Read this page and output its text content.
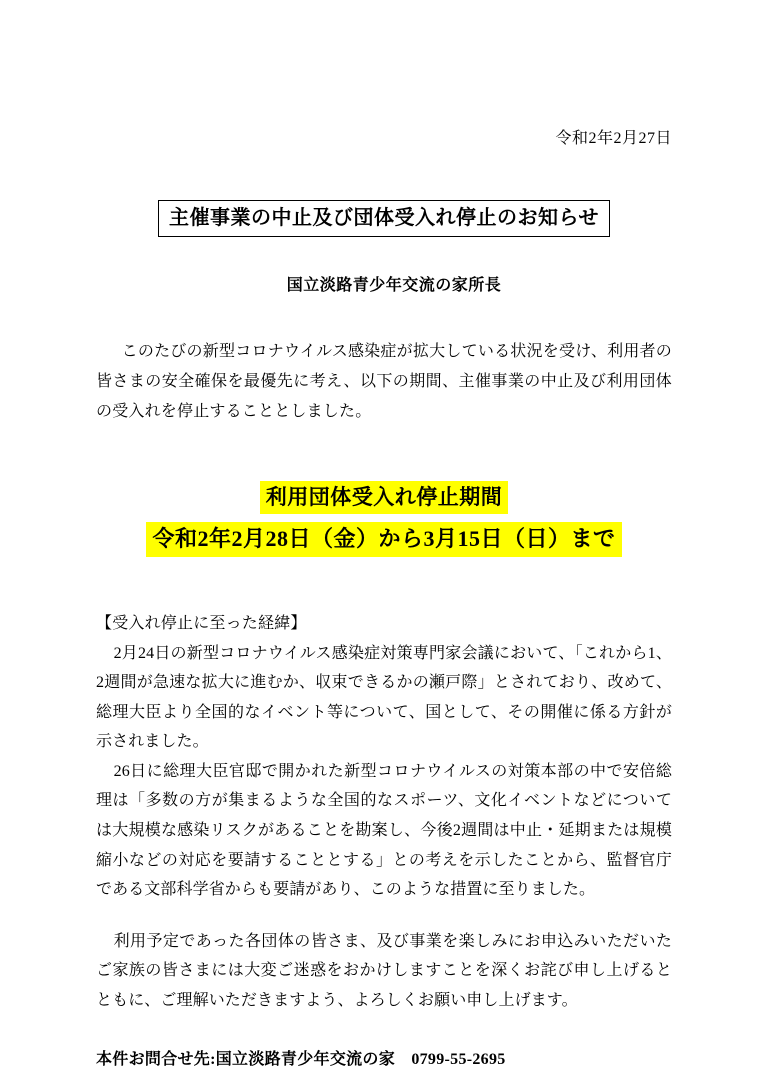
令和2年2月27日
主催事業の中止及び団体受入れ停止のお知らせ
国立淡路青少年交流の家所長
このたびの新型コロナウイルス感染症が拡大している状況を受け、利用者の皆さまの安全確保を最優先に考え、以下の期間、主催事業の中止及び利用団体の受入れを停止することとしました。
利用団体受入れ停止期間
令和2年2月28日（金）から3月15日（日）まで
【受入れ停止に至った経緯】
2月24日の新型コロナウイルス感染症対策専門家会議において、「これから1、2週間が急速な拡大に進むか、収束できるかの瀬戸際」とされており、改めて、総理大臣より全国的なイベント等について、国として、その開催に係る方針が示されました。
26日に総理大臣官邸で開かれた新型コロナウイルスの対策本部の中で安倍総理は「多数の方が集まるような全国的なスポーツ、文化イベントなどについては大規模な感染リスクがあることを勘案し、今後2週間は中止・延期または規模縮小などの対応を要請することとする」との考えを示したことから、監督官庁である文部科学省からも要請があり、このような措置に至りました。
利用予定であった各団体の皆さま、及び事業を楽しみにお申込みいただいたご家族の皆さまには大変ご迷惑をおかけしますことを深くお詫び申し上げるとともに、ご理解いただきますよう、よろしくお願い申し上げます。
本件お問合せ先:国立淡路青少年交流の家　0799-55-2695
